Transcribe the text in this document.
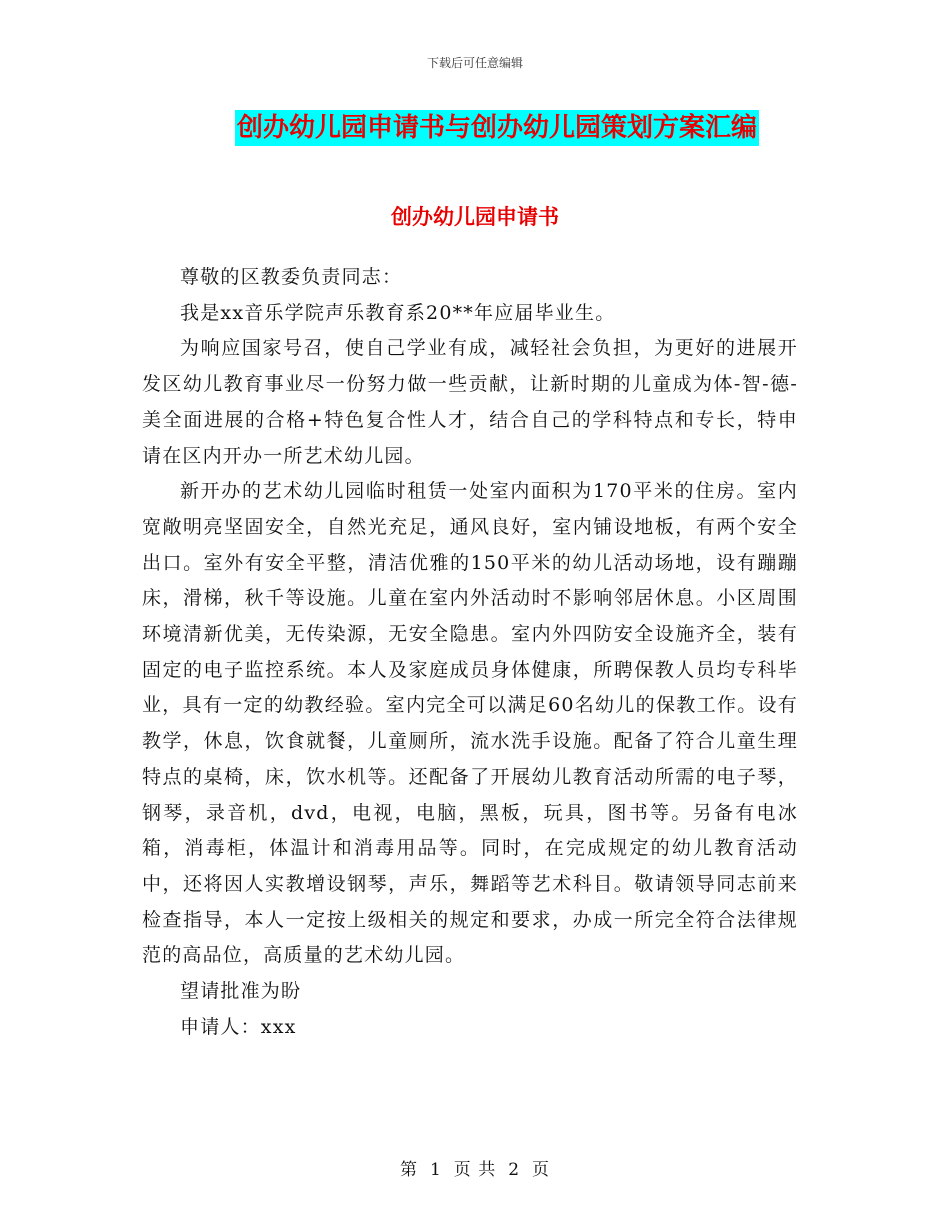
下载后可任意编辑
创办幼儿园申请书与创办幼儿园策划方案汇编
创办幼儿园申请书

尊敬的区教委负责同志：

我是xx音乐学院声乐教育系20**年应届毕业生。

为响应国家号召，使自己学业有成，减轻社会负担，为更好的进展开发区幼儿教育事业尽一份努力做一些贡献，让新时期的儿童成为体-智-德-美全面进展的合格+特色复合性人才，结合自己的学科特点和专长，特申请在区内开办一所艺术幼儿园。

新开办的艺术幼儿园临时租赁一处室内面积为170平米的住房。室内宽敞明亮坚固安全，自然光充足，通风良好，室内铺设地板，有两个安全出口。室外有安全平整，清洁优雅的150平米的幼儿活动场地，设有蹦蹦床，滑梯，秋千等设施。儿童在室内外活动时不影响邻居休息。小区周围环境清新优美，无传染源，无安全隐患。室内外四防安全设施齐全，装有固定的电子监控系统。本人及家庭成员身体健康，所聘保教人员均专科毕业，具有一定的幼教经验。室内完全可以满足60名幼儿的保教工作。设有教学，休息，饮食就餐，儿童厕所，流水洗手设施。配备了符合儿童生理特点的桌椅，床，饮水机等。还配备了开展幼儿教育活动所需的电子琴，钢琴，录音机，dvd，电视，电脑，黑板，玩具，图书等。另备有电冰箱，消毒柜，体温计和消毒用品等。同时，在完成规定的幼儿教育活动中，还将因人实教增设钢琴，声乐，舞蹈等艺术科目。敬请领导同志前来检查指导，本人一定按上级相关的规定和要求，办成一所完全符合法律规范的高品位，高质量的艺术幼儿园。

望请批准为盼

申请人：xxx

第 1 页 共 2 页
